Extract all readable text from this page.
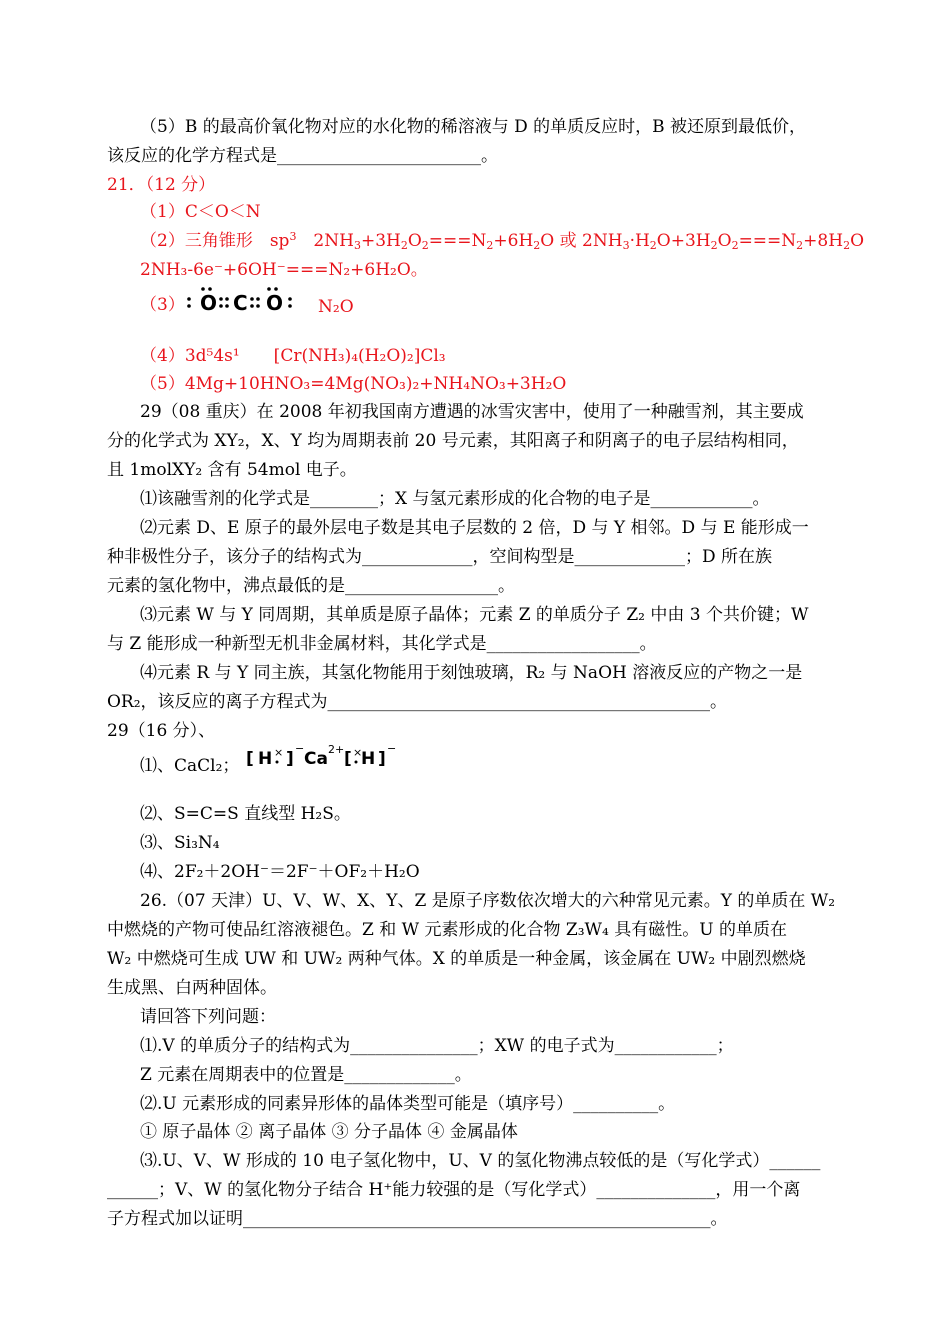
（5）B 的最高价氧化物对应的水化物的稀溶液与 D 的单质反应时，B 被还原到最低价，
该反应的化学方程式是________________________。
21．（12 分）
（1）C＜O＜N
（2）三角锥形　$sp^3$　$2NH_3+3H_2O_2===N_2+6H_2O$ 或 $2NH_3\cdot H_2O+3H_2O_2===N_2+8H_2O$
2NH₃-6e⁻+6OH⁻===N₂+6H₂O。
（3） O C O N₂O
（4）3d⁵4s¹　　[Cr(NH₃)₄(H₂O)₂]Cl₃
（5）4Mg+10HNO₃=4Mg(NO₃)₂+NH₄NO₃+3H₂O
29（08 重庆）在 2008 年初我国南方遭遇的冰雪灾害中，使用了一种融雪剂，其主要成
分的化学式为 XY₂，X、Y 均为周期表前 20 号元素，其阳离子和阴离子的电子层结构相同，
且 1molXY₂ 含有 54mol 电子。
⑴该融雪剂的化学式是________；X 与氢元素形成的化合物的电子是____________。
⑵元素 D、E 原子的最外层电子数是其电子层数的 2 倍，D 与 Y 相邻。D 与 E 能形成一
种非极性分子，该分子的结构式为_____________，空间构型是_____________；D 所在族
元素的氢化物中，沸点最低的是__________________。
⑶元素 W 与 Y 同周期，其单质是原子晶体；元素 Z 的单质分子 Z₂ 中由 3 个共价键；W
与 Z 能形成一种新型无机非金属材料，其化学式是__________________。
⑷元素 R 与 Y 同主族，其氢化物能用于刻蚀玻璃，R₂ 与 NaOH 溶液反应的产物之一是
OR₂，该反应的离子方程式为_____________________________________________。
29（16 分）、
⑴、CaCl₂； [ H ] Ca [ H ]
× − 2+ × −
⑵、S=C=S 直线型 H₂S。
⑶、Si₃N₄
⑷、2F₂＋2OH⁻＝2F⁻＋OF₂＋H₂O
26.（07 天津）U、V、W、X、Y、Z 是原子序数依次增大的六种常见元素。Y 的单质在 W₂
中燃烧的产物可使品红溶液褪色。Z 和 W 元素形成的化合物 Z₃W₄ 具有磁性。U 的单质在
W₂ 中燃烧可生成 UW 和 UW₂ 两种气体。X 的单质是一种金属，该金属在 UW₂ 中剧烈燃烧
生成黑、白两种固体。
请回答下列问题：
⑴.V 的单质分子的结构式为_______________；XW 的电子式为____________；
Z 元素在周期表中的位置是_____________。
⑵.U 元素形成的同素异形体的晶体类型可能是（填序号）__________。
① 原子晶体 ② 离子晶体 ③ 分子晶体 ④ 金属晶体
⑶.U、V、W 形成的 10 电子氢化物中，U、V 的氢化物沸点较低的是（写化学式）______
______；V、W 的氢化物分子结合 H⁺能力较强的是（写化学式）______________，用一个离
子方程式加以证明_______________________________________________________。
